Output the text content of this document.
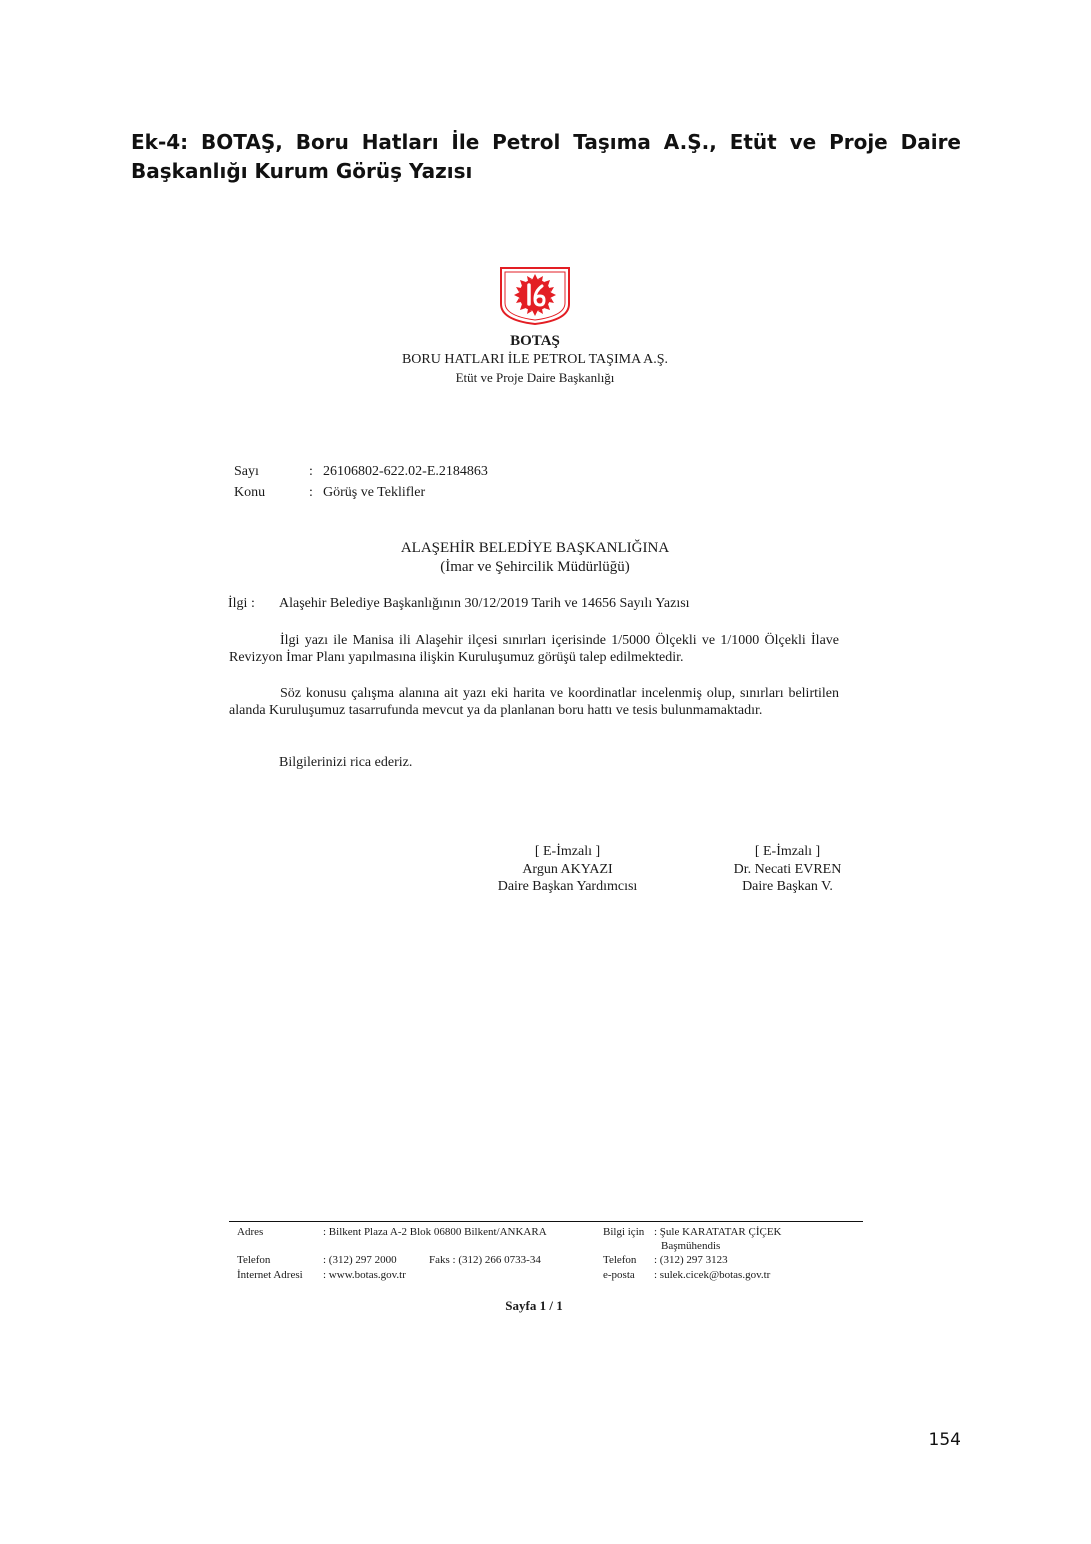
Ek-4: BOTAŞ, Boru Hatları İle Petrol Taşıma A.Ş., Etüt ve Proje Daire Başkanlığı Kurum Görüş Yazısı
BOTAŞ
BORU HATLARI İLE PETROL TAŞIMA A.Ş.
Etüt ve Proje Daire Başkanlığı
Sayı	: 26106802-622.02-E.2184863
Konu	: Görüş ve Teklifler
ALAŞEHİR BELEDİYE BAŞKANLIĞINA
(İmar ve Şehircilik Müdürlüğü)
İlgi : Alaşehir Belediye Başkanlığının 30/12/2019 Tarih ve 14656 Sayılı Yazısı
İlgi yazı ile Manisa ili Alaşehir ilçesi sınırları içerisinde 1/5000 Ölçekli ve 1/1000 Ölçekli İlave Revizyon İmar Planı yapılmasına ilişkin Kuruluşumuz görüşü talep edilmektedir.
Söz konusu çalışma alanına ait yazı eki harita ve koordinatlar incelenmiş olup, sınırları belirtilen alanda Kuruluşumuz tasarrufunda mevcut ya da planlanan boru hattı ve tesis bulunmamaktadır.
Bilgilerinizi rica ederiz.
[ E-İmzalı ]
Argun AKYAZI
Daire Başkan Yardımcısı
[ E-İmzalı ]
Dr. Necati EVREN
Daire Başkan V.
Adres	: Bilkent Plaza A-2 Blok 06800 Bilkent/ANKARA
Telefon	: (312) 297 2000	Faks : (312) 266 0733-34
İnternet Adresi : www.botas.gov.tr
Bilgi için : Şule KARATATAR ÇİÇEK
Başmühendis
Telefon : (312) 297 3123
e-posta : sulek.cicek@botas.gov.tr
Sayfa 1 / 1
154
